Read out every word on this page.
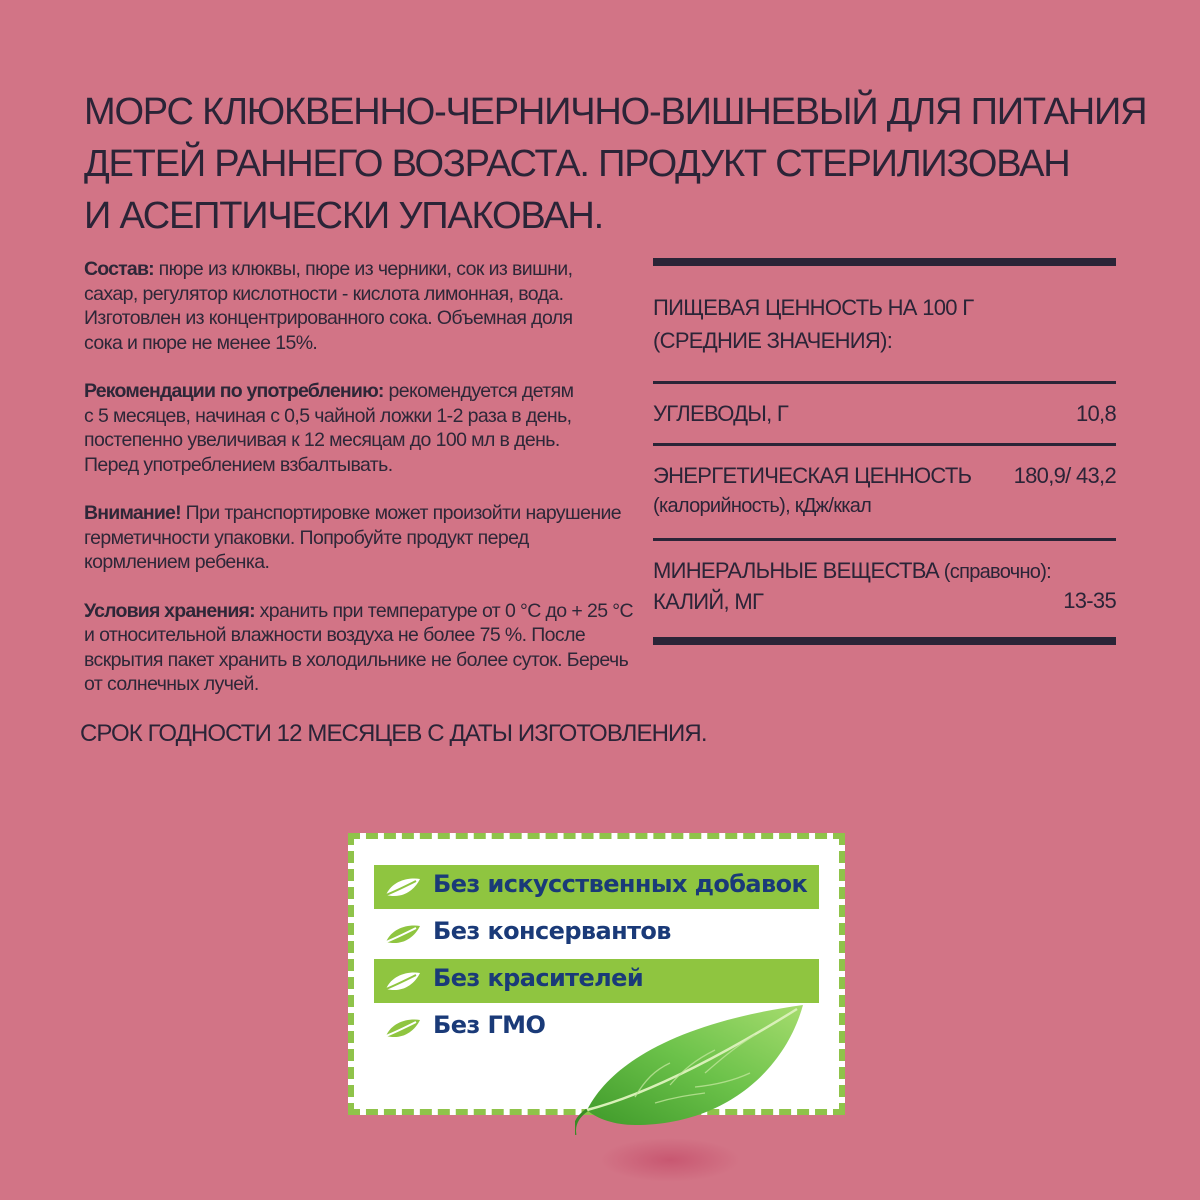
МОРС КЛЮКВЕННО-ЧЕРНИЧНО-ВИШНЕВЫЙ ДЛЯ ПИТАНИЯ
ДЕТЕЙ РАННЕГО ВОЗРАСТА. ПРОДУКТ СТЕРИЛИЗОВАН
И АСЕПТИЧЕСКИ УПАКОВАН.
Состав: пюре из клюквы, пюре из черники, сок из вишни,
сахар, регулятор кислотности - кислота лимонная, вода.
Изготовлен из концентрированного сока. Объемная доля
сока и пюре не менее 15%.
Рекомендации по употреблению: рекомендуется детям
с 5 месяцев, начиная с 0,5 чайной ложки 1-2 раза в день,
постепенно увеличивая к 12 месяцам до 100 мл в день.
Перед употреблением взбалтывать.
Внимание! При транспортировке может произойти нарушение
герметичности упаковки. Попробуйте продукт перед
кормлением ребенка.
Условия хранения: хранить при температуре от 0 °С до + 25 °С
и относительной влажности воздуха не более 75 %. После
вскрытия пакет хранить в холодильнике не более суток. Беречь
от солнечных лучей.
СРОК ГОДНОСТИ 12 МЕСЯЦЕВ С ДАТЫ ИЗГОТОВЛЕНИЯ.
ПИЩЕВАЯ ЦЕННОСТЬ НА 100 Г
(СРЕДНИЕ ЗНАЧЕНИЯ):
УГЛЕВОДЫ, Г	10,8
ЭНЕРГЕТИЧЕСКАЯ ЦЕННОСТЬ
(калорийность), кДж/ккал
180,9/ 43,2
МИНЕРАЛЬНЫЕ ВЕЩЕСТВА (справочно):
КАЛИЙ, МГ	13-35
Без искусственных добавок
Без консервантов
Без красителей
Без ГМО
